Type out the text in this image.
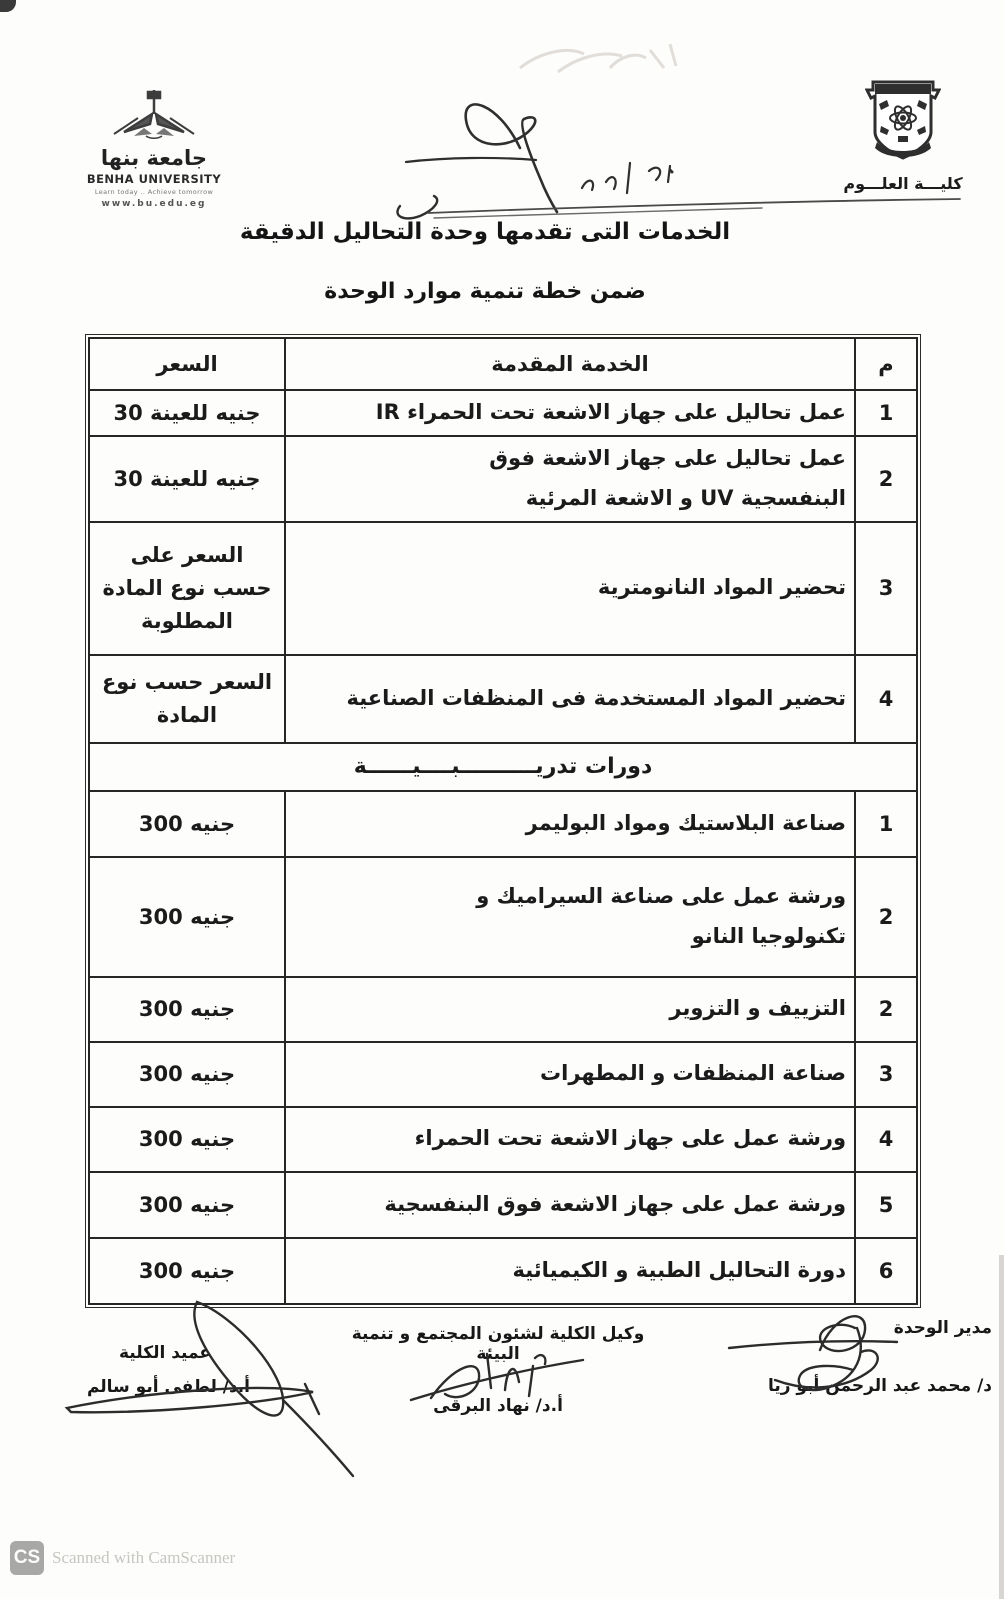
جامعة بنها
BENHA UNIVERSITY
Learn today .. Achieve tomorrow
www.bu.edu.eg
كليـــة العلـــوم
الخدمات التى تقدمها وحدة التحاليل الدقيقة
ضمن خطة تنمية موارد الوحدة
م	الخدمة المقدمة	السعر
1	عمل تحاليل على جهاز الاشعة تحت الحمراء IR	30 جنيه للعينة
2	عمل تحاليل على جهاز الاشعة فوق البنفسجية UV و الاشعة المرئية	30 جنيه للعينة
3	تحضير المواد النانومترية	السعر على حسب نوع المادة المطلوبة
4	تحضير المواد المستخدمة فى المنظفات الصناعية	السعر حسب نوع المادة
دورات تدريــــــــــبــــيــــــة		
1	صناعة البلاستيك ومواد البوليمر	300 جنيه
2	ورشة عمل على صناعة السيراميك و تكنولوجيا النانو	300 جنيه
2	التزييف و التزوير	300 جنيه
3	صناعة المنظفات و المطهرات	300 جنيه
4	ورشة عمل على جهاز الاشعة تحت الحمراء	300 جنيه
5	ورشة عمل على جهاز الاشعة فوق البنفسجية	300 جنيه
6	دورة التحاليل الطبية و الكيميائية	300 جنيه
مدير الوحدة
د/ محمد عبد الرحمن أبو ريا
وكيل الكلية لشئون المجتمع و تنمية البيئة
أ.د/ نهاد البرقى
عميد الكلية
أ.د/ لطفى أبو سالم
CS Scanned with CamScanner
